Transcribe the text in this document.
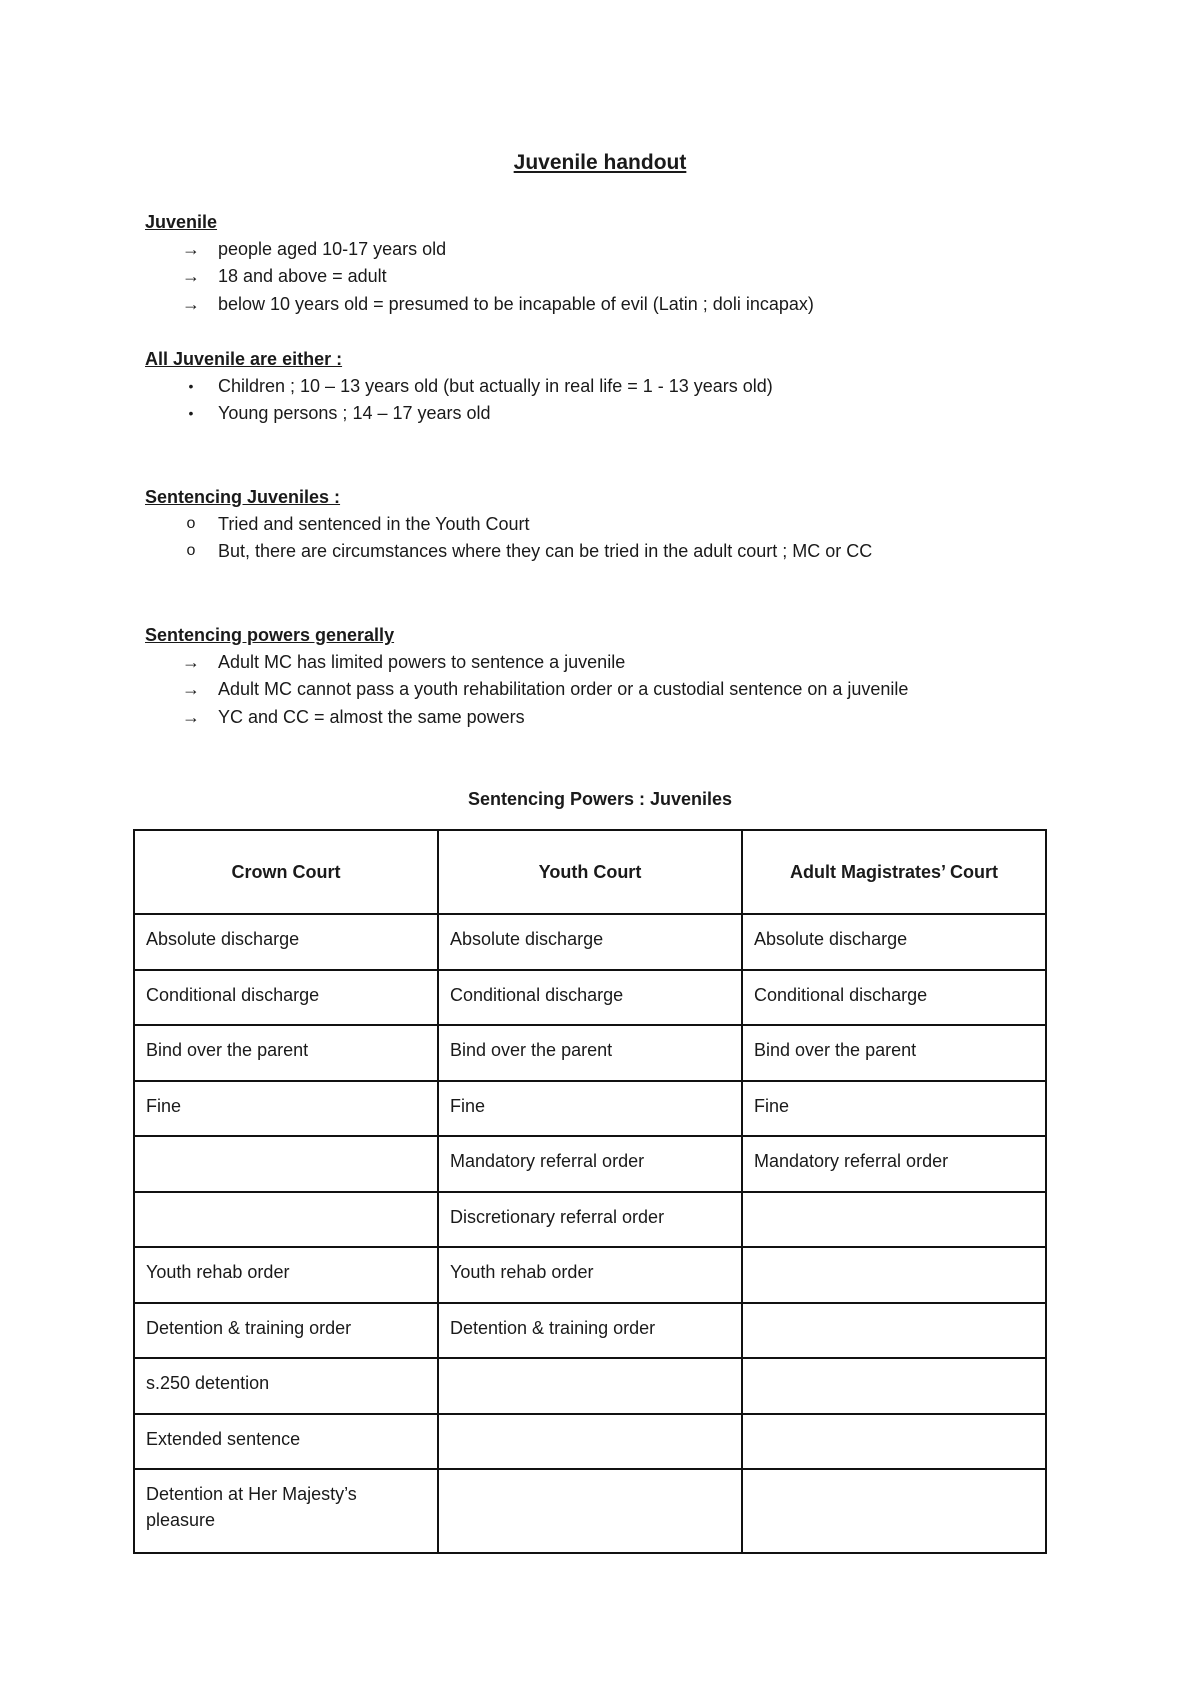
Juvenile handout
Juvenile
→ people aged 10-17 years old
→ 18 and above = adult
→ below 10 years old = presumed to be incapable of evil (Latin ; doli incapax)
All Juvenile are either :
•	Children ; 10 – 13 years old (but actually in real life = 1 - 13 years old)
•	Young persons ; 14 – 17 years old
Sentencing Juveniles :
o	Tried and sentenced in the Youth Court
o	But, there are circumstances where they can be tried in the adult court ; MC or CC
Sentencing powers generally
→ Adult MC has limited powers to sentence a juvenile
→ Adult MC cannot pass a youth rehabilitation order or a custodial sentence on a juvenile
→ YC and CC = almost the same powers
Sentencing Powers : Juveniles
Crown Court	Youth Court	Adult Magistrates’ Court
Absolute discharge	Absolute discharge	Absolute discharge
Conditional discharge	Conditional discharge	Conditional discharge
Bind over the parent	Bind over the parent	Bind over the parent
Fine	Fine	Fine
	Mandatory referral order	Mandatory referral order
	Discretionary referral order	
Youth rehab order	Youth rehab order	
Detention & training order	Detention & training order	
s.250 detention		
Extended sentence		
Detention at Her Majesty’s pleasure		
